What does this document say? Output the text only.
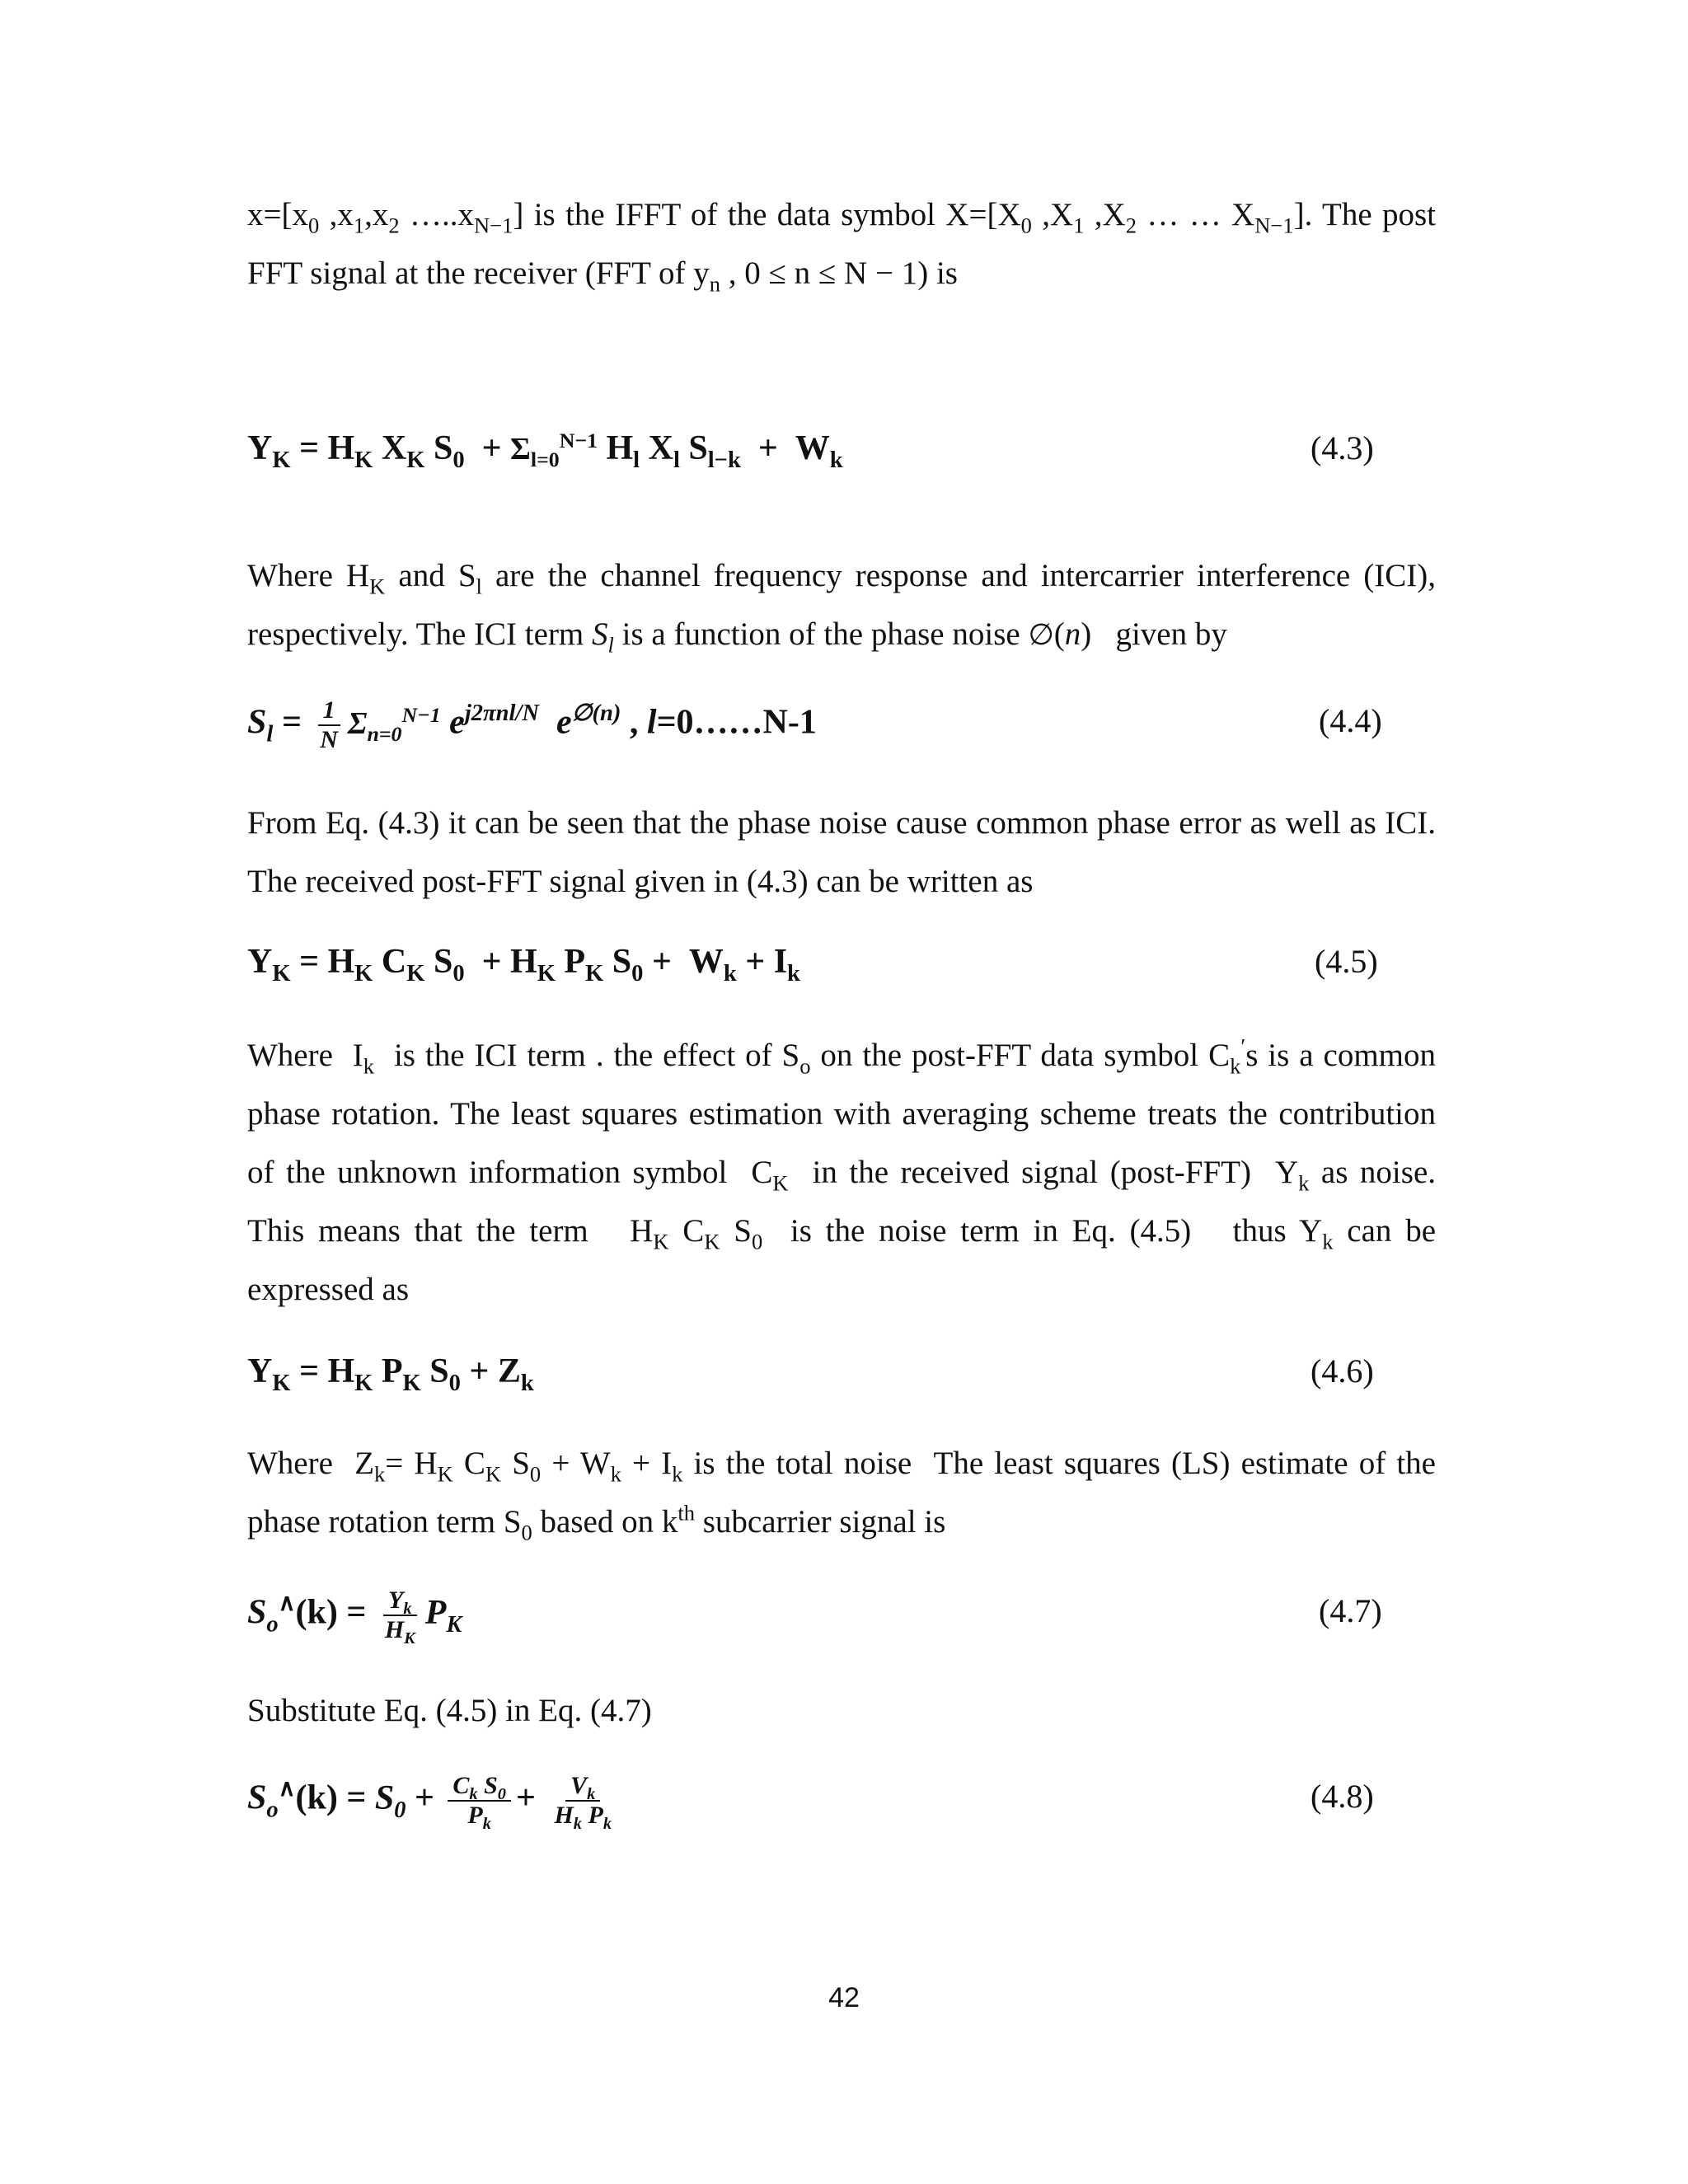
$x=[x_0$ $,x_1,x_2$ $\dots..x_{N-1}$] is the IFFT of the data symbol $X=[X_0$ $,X_1$ $,X_2$ … … $X_{N-1}$]. The post FFT signal at the receiver (FFT of $y_n$ , 0 ≤ n ≤ N − 1) is

$Y_K = H_K$ $X_K$ $S_0 + \Sigma_{l=0}^{N-1}$ $H_l$ $X_l$ $S_{l-k} + W_k$	(4.3)

Where $H_K$ and $S_l$ are the channel frequency response and intercarrier interference (ICI), respectively. The ICI term $S_l$ is a function of the phase noise ∅(n)   given by

$S_l = \frac{1}{N} \Sigma_{n=0}^{N-1}$ $e^{j2\pi nl/N}$  $e^{\emptyset(n)}$ , l=0……N-1	(4.4)

From Eq. (4.3) it can be seen that the phase noise cause common phase error as well as ICI. The received post-FFT signal given in (4.3) can be written as

$Y_K = H_K$ $C_K$ $S_0 + H_K$ $P_K$ $S_0 + W_k + I_k$	(4.5)

Where  $I_k$  is the ICI term . the effect of $S_o$ on the post-FFT data symbol $C_k's$ is a common phase rotation. The least squares estimation with averaging scheme treats the contribution of the unknown information symbol  $C_K$  in the received signal (post-FFT)  $Y_k$ as noise. This means that the term   $H_K$ $C_K$ $S_0$  is the noise term in Eq. (4.5)   thus $Y_k$ can be expressed as

$Y_K = H_K$ $P_K$ $S_0 + Z_k$	(4.6)

Where  $Z_k= H_K$ $C_K$ $S_0 + W_k + I_k$ is the total noise  The least squares (LS) estimate of the phase rotation term $S_0$ based on $k^{th}$ subcarrier signal is

$S_o^\wedge(k) = \frac{Y_k}{H_K} P_K$	(4.7)

Substitute Eq. (4.5) in Eq. (4.7)

$S_o^\wedge(k) = S_0 + \frac{C_k S_0}{P_k} + \frac{V_k}{H_k P_k}$	(4.8)
42
